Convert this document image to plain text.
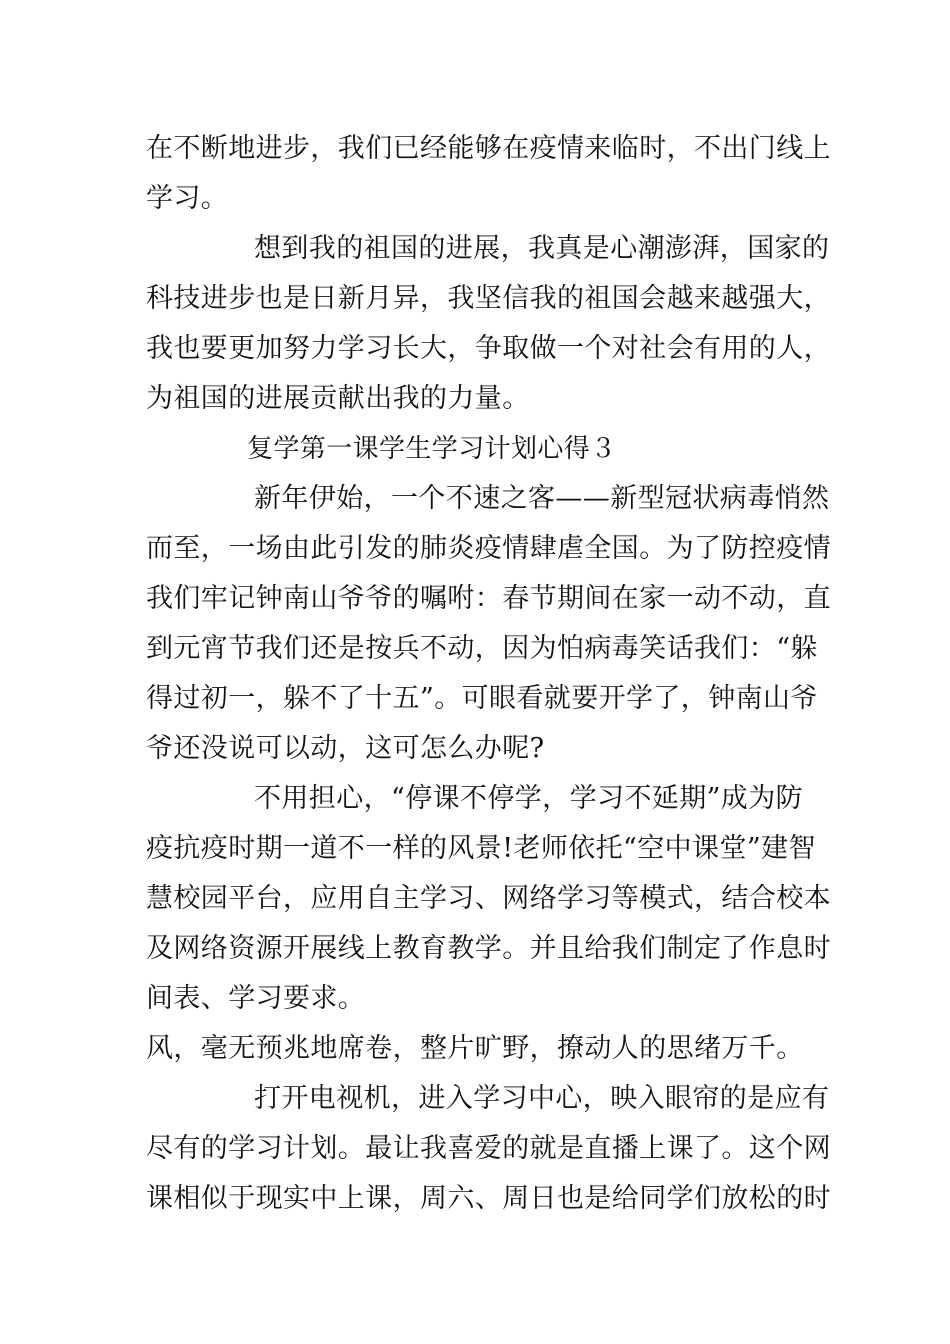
在不断地进步，我们已经能够在疫情来临时，不出门线上
学习。
想到我的祖国的进展，我真是心潮澎湃，国家的
科技进步也是日新月异，我坚信我的祖国会越来越强大，
我也要更加努力学习长大，争取做一个对社会有用的人，
为祖国的进展贡献出我的力量。
复学第一课学生学习计划心得３
新年伊始，一个不速之客——新型冠状病毒悄然
而至，一场由此引发的肺炎疫情肆虐全国。为了防控疫情
我们牢记钟南山爷爷的嘱咐：春节期间在家一动不动，直
到元宵节我们还是按兵不动，因为怕病毒笑话我们：“躲
得过初一，躲不了十五”。可眼看就要开学了，钟南山爷
爷还没说可以动，这可怎么办呢?
不用担心，“停课不停学，学习不延期”成为防
疫抗疫时期一道不一样的风景!老师依托“空中课堂”建智
慧校园平台，应用自主学习、网络学习等模式，结合校本
及网络资源开展线上教育教学。并且给我们制定了作息时
间表、学习要求。
风，毫无预兆地席卷，整片旷野，撩动人的思绪万千。
打开电视机，进入学习中心，映入眼帘的是应有
尽有的学习计划。最让我喜爱的就是直播上课了。这个网
课相似于现实中上课，周六、周日也是给同学们放松的时
